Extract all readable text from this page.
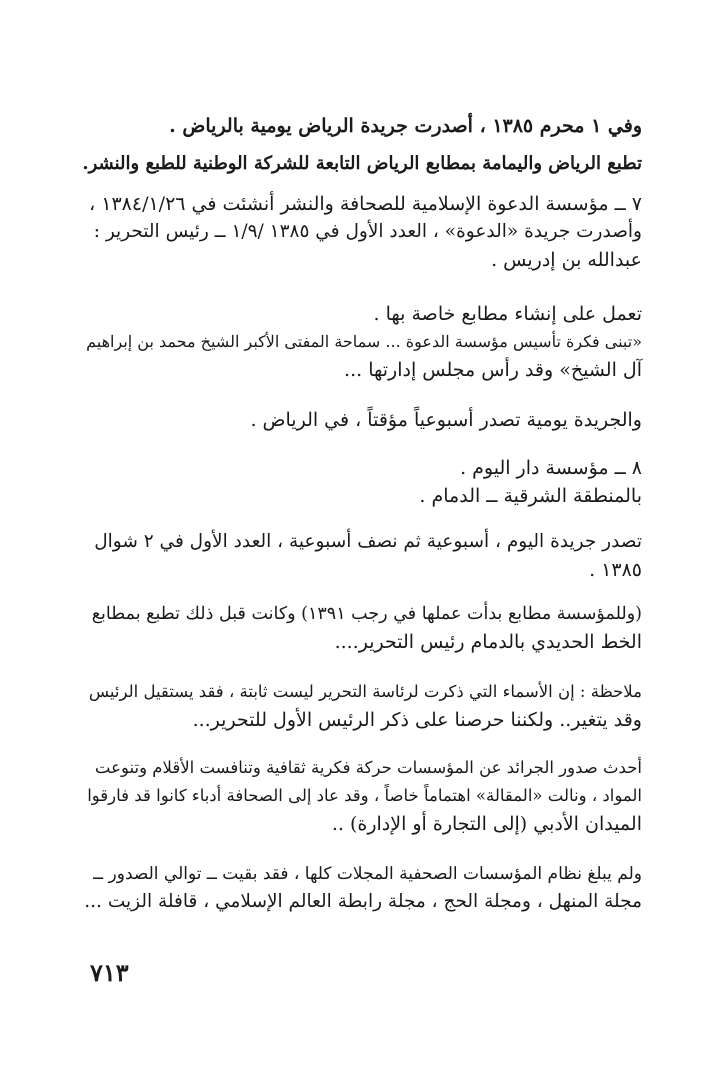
وفي ١ محرم ١٣٨٥ ، أصدرت جريدة الرياض يومية بالرياض .
تطبع الرياض واليمامة بمطابع الرياض التابعة للشركة الوطنية للطبع والنشر.
٧ ــ مؤسسة الدعوة الإسلامية للصحافة والنشر أنشئت في ١٣٨٤/١/٢٦ ،
وأصدرت جريدة «الدعوة» ، العدد الأول في ١٣٨٥ /١/٩ ــ رئيس التحرير :
عبدالله بن إدريس .
تعمل على إنشاء مطابع خاصة بها .
«تبنى فكرة تأسيس مؤسسة الدعوة ... سماحة المفتى الأكبر الشيخ محمد بن إبراهيم
آل الشيخ» وقد رأس مجلس إدارتها ...
والجريدة يومية تصدر أسبوعياً مؤقتاً ، في الرياض .
٨ ــ مؤسسة دار اليوم .
بالمنطقة الشرقية ــ الدمام .
تصدر جريدة اليوم ، أسبوعية ثم نصف أسبوعية ، العدد الأول في ٢ شوال
١٣٨٥ .
(وللمؤسسة مطابع بدأت عملها في رجب ١٣٩١) وكانت قبل ذلك تطبع بمطابع
الخط الحديدي بالدمام رئيس التحرير....
ملاحظة : إن الأسماء التي ذكرت لرئاسة التحرير ليست ثابتة ، فقد يستقيل الرئيس
وقد يتغير.. ولكننا حرصنا على ذكر الرئيس الأول للتحرير...
أحدث صدور الجرائد عن المؤسسات حركة فكرية ثقافية وتنافست الأقلام وتنوعت
المواد ، ونالت «المقالة» اهتماماً خاصاً ، وقد عاد إلى الصحافة أدباء كانوا قد فارقوا
الميدان الأدبي (إلى التجارة أو الإدارة) ..
ولم يبلغ نظام المؤسسات الصحفية المجلات كلها ، فقد بقيت ــ توالي الصدور ــ
مجلة المنهل ، ومجلة الحج ، مجلة رابطة العالم الإسلامي ، قافلة الزيت ...
٧١٣
